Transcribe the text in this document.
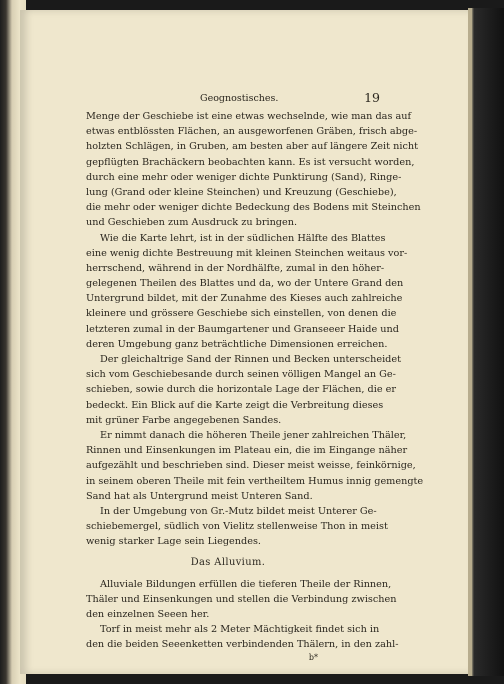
Geognostisches.	19
Menge der Geschiebe ist eine etwas wechselnde, wie man das auf
etwas entblössten Flächen, an ausgeworfenen Gräben, frisch abge-
holzten Schlägen, in Gruben, am besten aber auf längere Zeit nicht
gepflügten Brachäckern beobachten kann. Es ist versucht worden,
durch eine mehr oder weniger dichte Punktirung (Sand), Ringe-
lung (Grand oder kleine Steinchen) und Kreuzung (Geschiebe),
die mehr oder weniger dichte Bedeckung des Bodens mit Steinchen
und Geschieben zum Ausdruck zu bringen.
Wie die Karte lehrt, ist in der südlichen Hälfte des Blattes
eine wenig dichte Bestreuung mit kleinen Steinchen weitaus vor-
herrschend, während in der Nordhälfte, zumal in den höher-
gelegenen Theilen des Blattes und da, wo der Untere Grand den
Untergrund bildet, mit der Zunahme des Kieses auch zahlreiche
kleinere und grössere Geschiebe sich einstellen, von denen die
letzteren zumal in der Baumgartener und Granseeer Haide und
deren Umgebung ganz beträchtliche Dimensionen erreichen.
Der gleichaltrige Sand der Rinnen und Becken unterscheidet
sich vom Geschiebesande durch seinen völligen Mangel an Ge-
schieben, sowie durch die horizontale Lage der Flächen, die er
bedeckt. Ein Blick auf die Karte zeigt die Verbreitung dieses
mit grüner Farbe angegebenen Sandes.
Er nimmt danach die höheren Theile jener zahlreichen Thäler,
Rinnen und Einsenkungen im Plateau ein, die im Eingange näher
aufgezählt und beschrieben sind. Dieser meist weisse, feinkörnige,
in seinem oberen Theile mit fein vertheiltem Humus innig gemengte
Sand hat als Untergrund meist Unteren Sand.
In der Umgebung von Gr.-Mutz bildet meist Unterer Ge-
schiebemergel, südlich von Vielitz stellenweise Thon in meist
wenig starker Lage sein Liegendes.
Das Alluvium.
Alluviale Bildungen erfüllen die tieferen Theile der Rinnen,
Thäler und Einsenkungen und stellen die Verbindung zwischen
den einzelnen Seeen her.
Torf in meist mehr als 2 Meter Mächtigkeit findet sich in
den die beiden Seeenketten verbindenden Thälern, in den zahl-
b*
